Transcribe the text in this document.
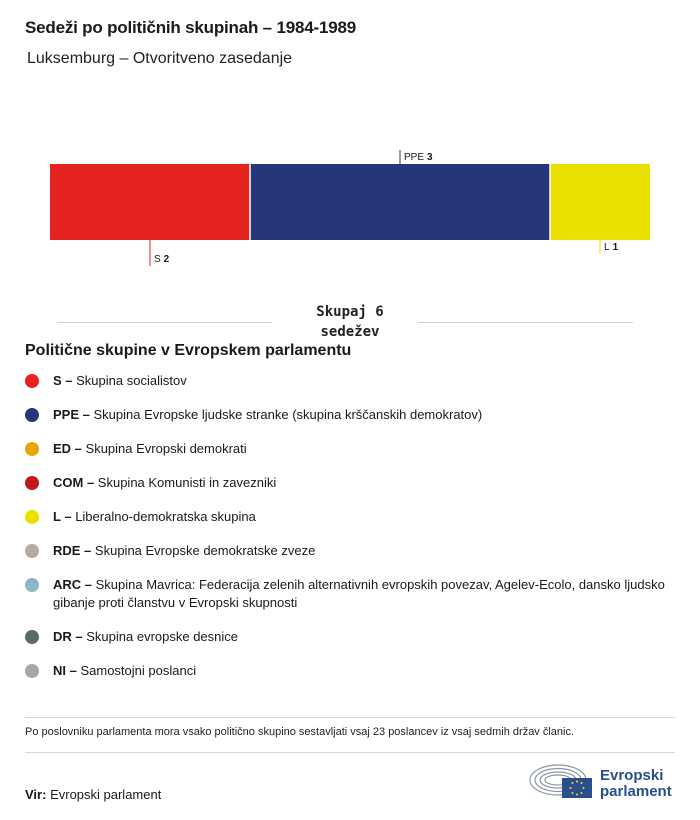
Sedeži po političnih skupinah – 1984-1989
Luksemburg – Otvoritveno zasedanje
S 2
PPE 3
L 1
Skupaj 6
sedežev
Politične skupine v Evropskem parlamentu
S – Skupina socialistov
PPE – Skupina Evropske ljudske stranke (skupina krščanskih demokratov)
ED – Skupina Evropski demokrati
COM – Skupina Komunisti in zavezniki
L – Liberalno-demokratska skupina
RDE – Skupina Evropske demokratske zveze
ARC – Skupina Mavrica: Federacija zelenih alternativnih evropskih povezav, Agelev-Ecolo, dansko ljudsko gibanje proti članstvu v Evropski skupnosti
DR – Skupina evropske desnice
NI – Samostojni poslanci
Po poslovniku parlamenta mora vsako politično skupino sestavljati vsaj 23 poslancev iz vsaj sedmih držav članic.
Vir: Evropski parlament
Evropski
parlament
